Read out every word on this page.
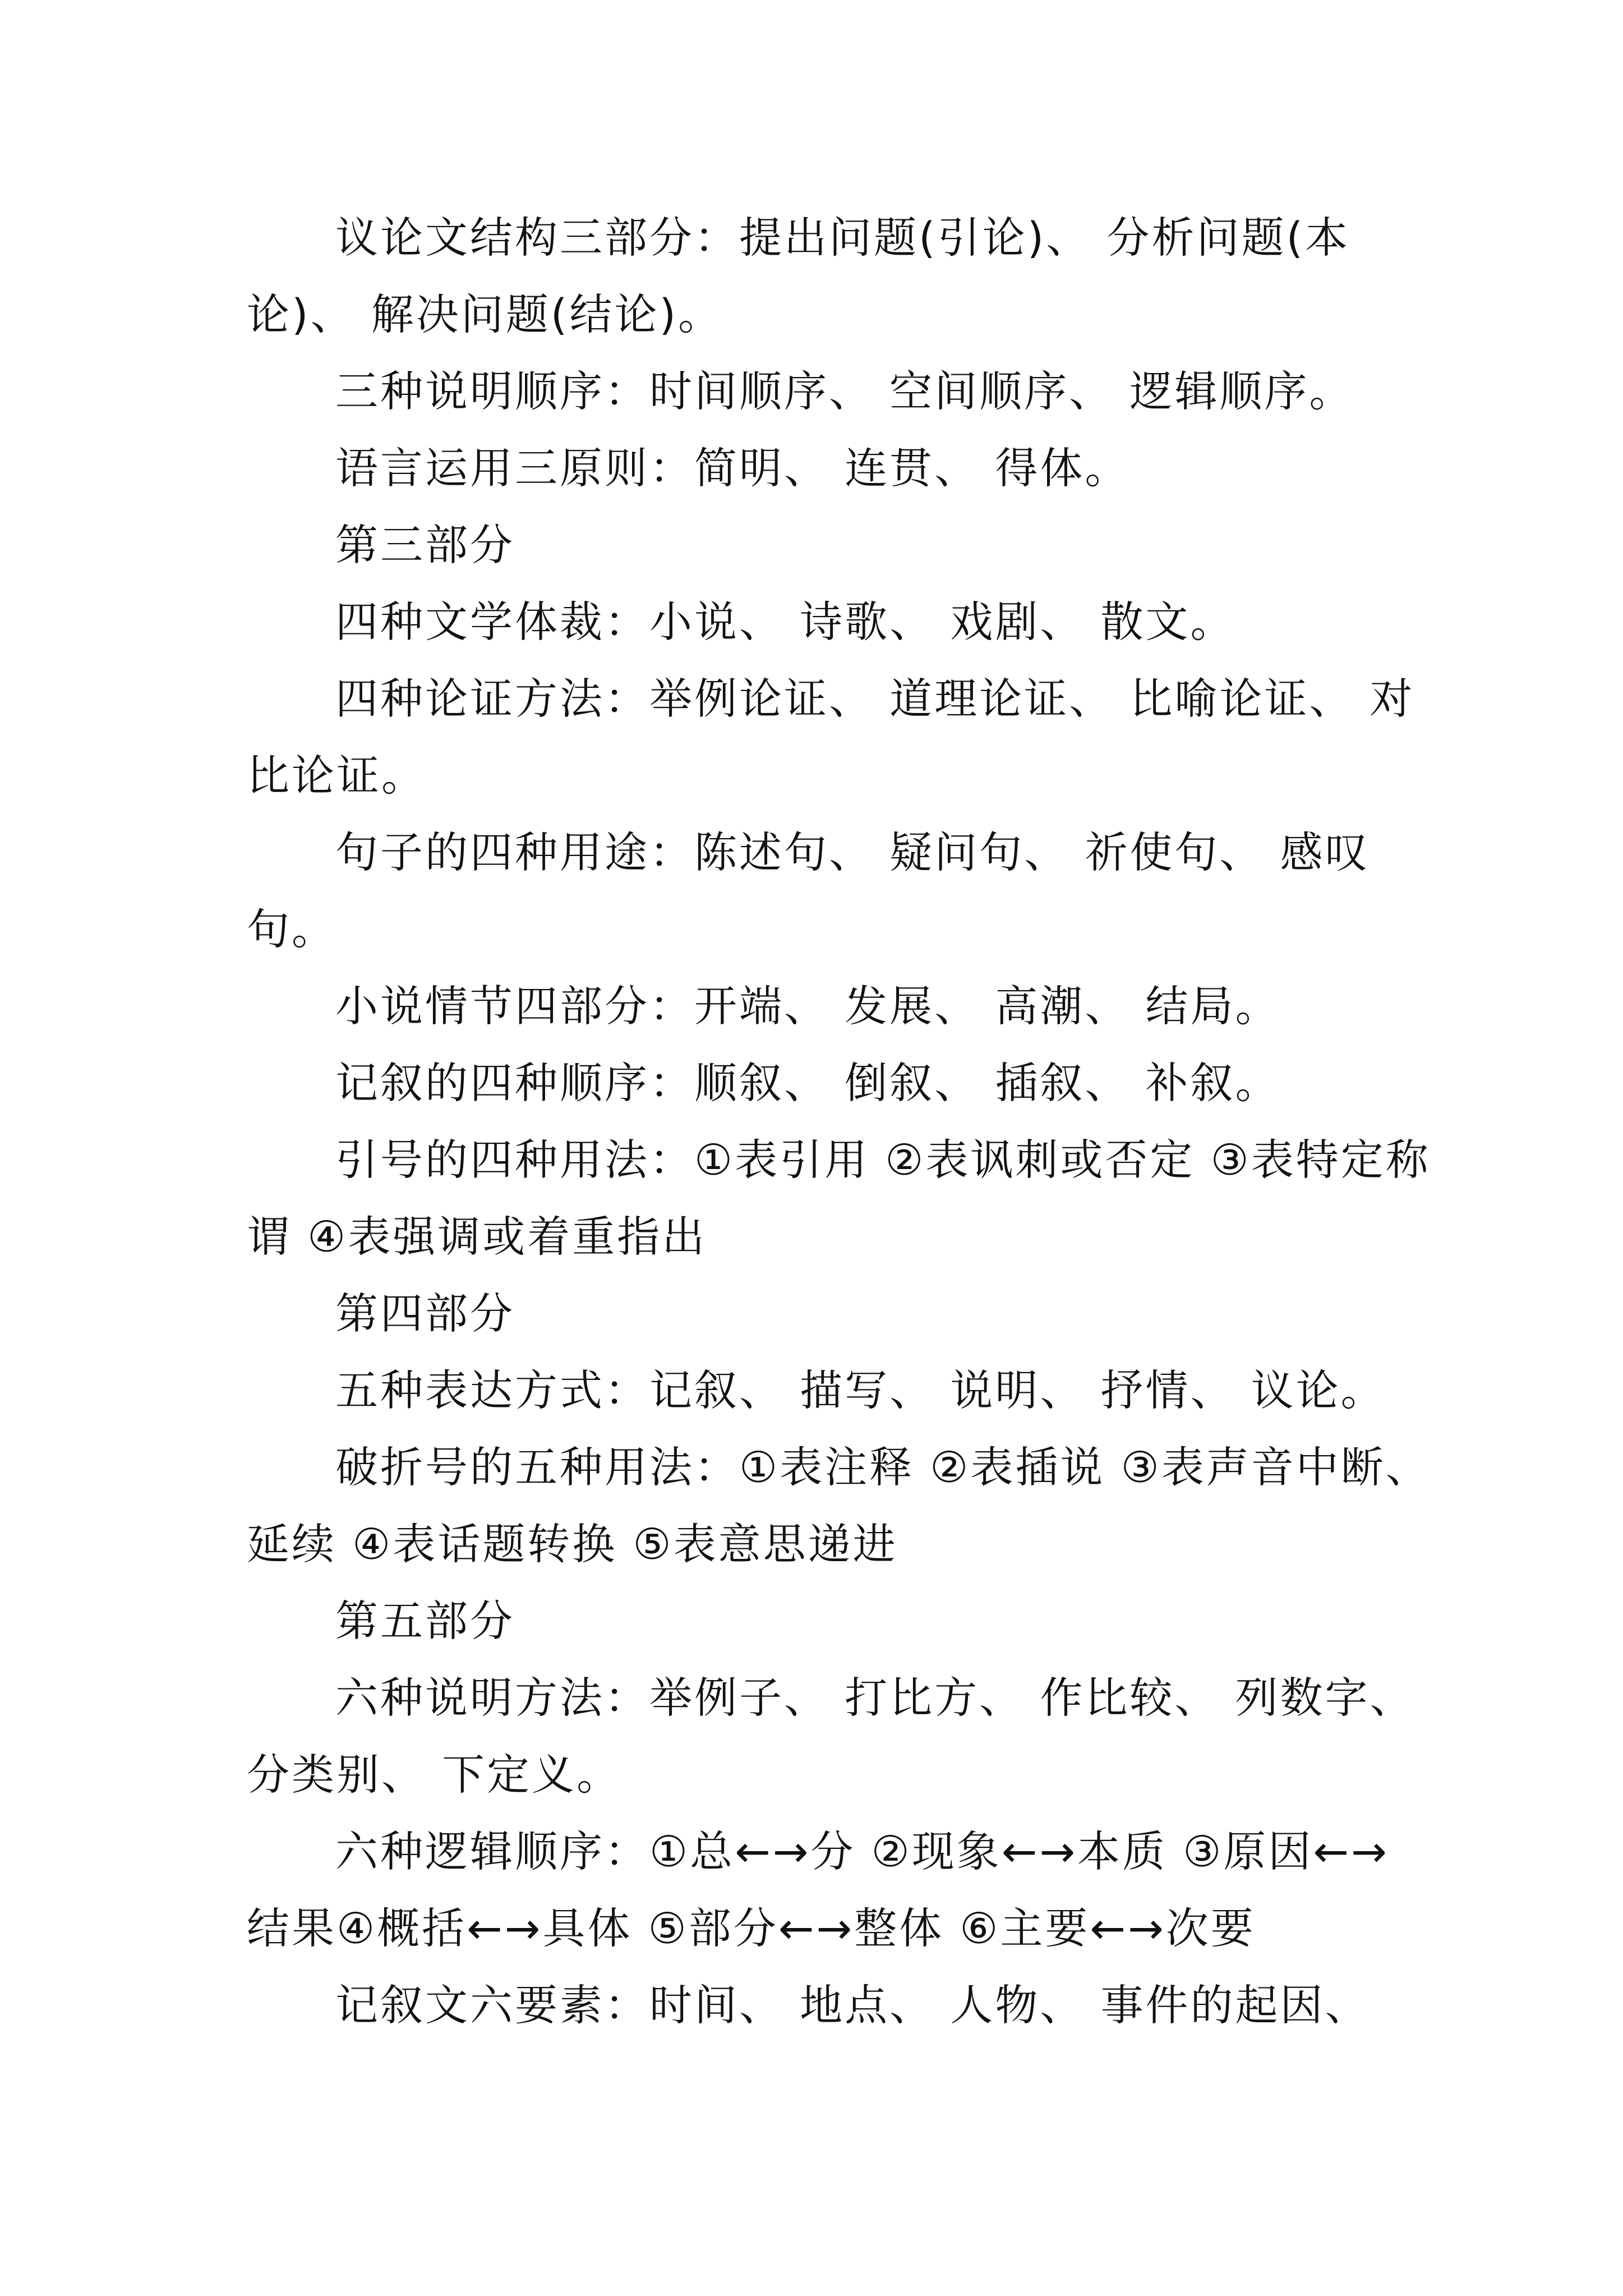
议论文结构三部分：提出问题(引论)、 分析问题(本论)、 解决问题(结论)。

三种说明顺序：时间顺序、 空间顺序、 逻辑顺序。

语言运用三原则：简明、 连贯、 得体。

第三部分

四种文学体裁：小说、 诗歌、 戏剧、 散文。

四种论证方法：举例论证、 道理论证、 比喻论证、 对比论证。

句子的四种用途：陈述句、 疑问句、 祈使句、 感叹句。

小说情节四部分：开端、 发展、 高潮、 结局。

记叙的四种顺序：顺叙、 倒叙、 插叙、 补叙。

引号的四种用法：①表引用 ②表讽刺或否定 ③表特定称谓 ④表强调或着重指出

第四部分

五种表达方式：记叙、 描写、 说明、 抒情、 议论。

破折号的五种用法：①表注释 ②表插说 ③表声音中断、延续 ④表话题转换 ⑤表意思递进

第五部分

六种说明方法：举例子、 打比方、 作比较、 列数字、 分类别、 下定义。

六种逻辑顺序：①总←→分 ②现象←→本质 ③原因←→ 结果④概括←→具体 ⑤部分←→整体 ⑥主要←→次要

记叙文六要素：时间、 地点、 人物、 事件的起因、
